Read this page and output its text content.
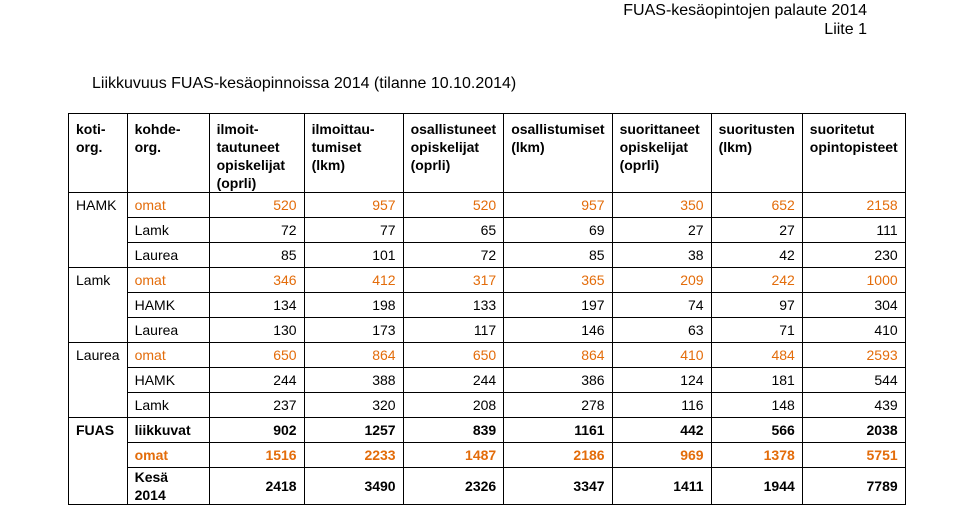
FUAS-kesäopintojen palaute 2014
Liite 1
Liikkuvuus FUAS-kesäopinnoissa 2014 (tilanne 10.10.2014)
koti- org.	kohde- org.	ilmoit- tautuneet opiskelijat (oprli)	ilmoittau- tumiset (lkm)	osallistuneet opiskelijat (oprli)	osallistumiset (lkm)	suorittaneet opiskelijat (oprli)	suoritusten (lkm)	suoritetut opintopisteet
HAMK	omat	520	957	520	957	350	652	2158
	Lamk	72	77	65	69	27	27	111
	Laurea	85	101	72	85	38	42	230
Lamk	omat	346	412	317	365	209	242	1000
	HAMK	134	198	133	197	74	97	304
	Laurea	130	173	117	146	63	71	410
Laurea	omat	650	864	650	864	410	484	2593
	HAMK	244	388	244	386	124	181	544
	Lamk	237	320	208	278	116	148	439
FUAS	liikkuvat	902	1257	839	1161	442	566	2038
	omat	1516	2233	1487	2186	969	1378	5751
	Kesä 2014	2418	3490	2326	3347	1411	1944	7789
